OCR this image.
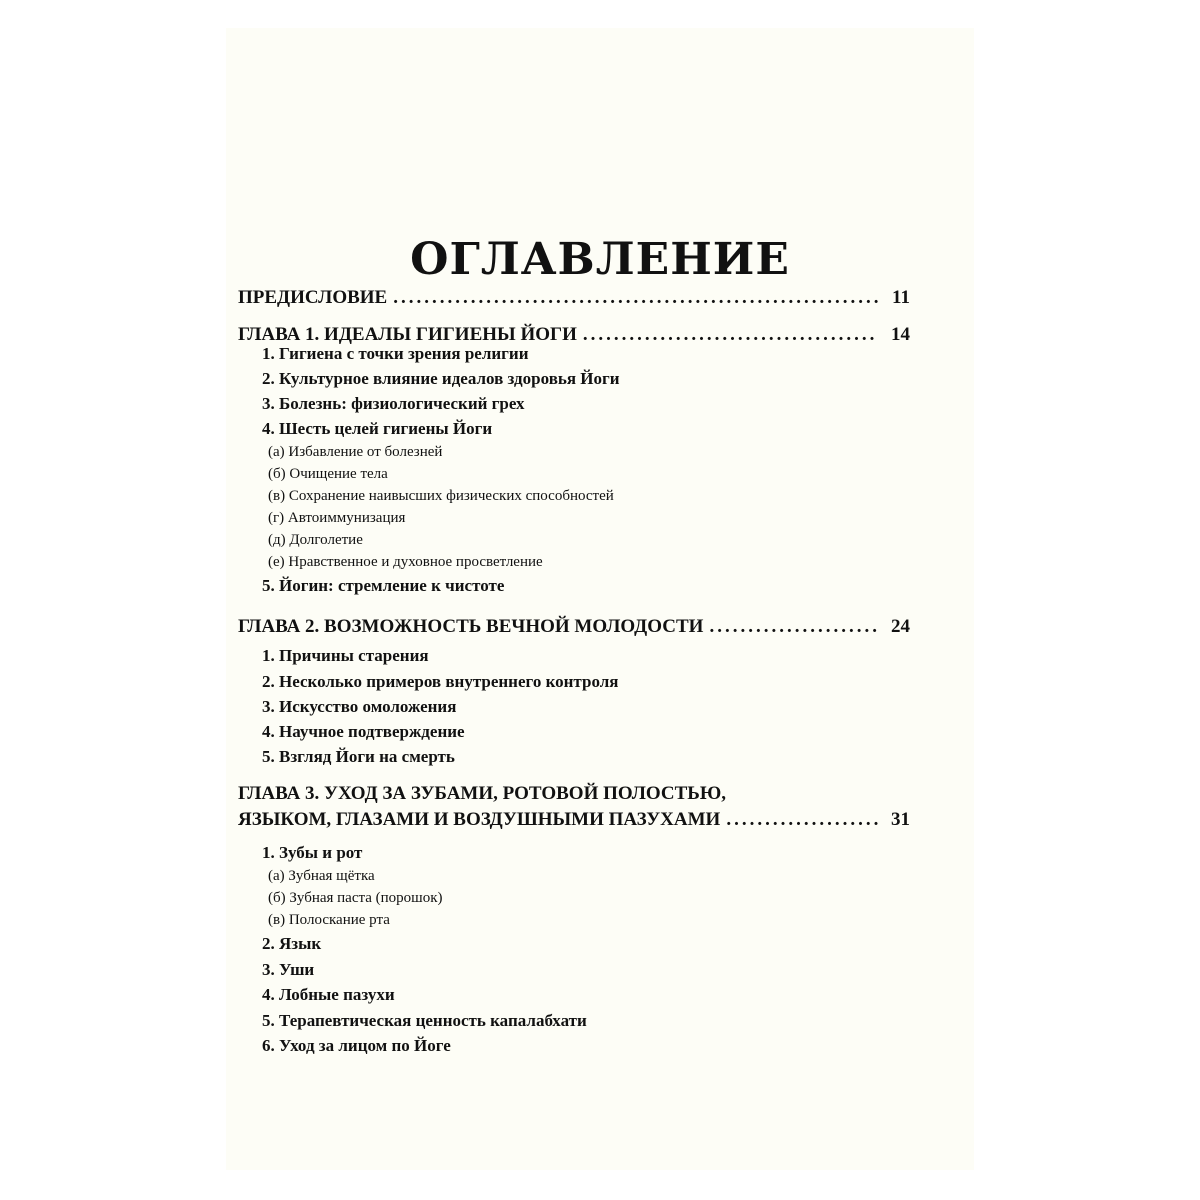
ОГЛАВЛЕНИЕ
ПРЕДИСЛОВИЕ .....	11
ГЛАВА 1. ИДЕАЛЫ ГИГИЕНЫ ЙОГИ .....	14
1. Гигиена с точки зрения религии
2. Культурное влияние идеалов здоровья Йоги
3. Болезнь: физиологический грех
4. Шесть целей гигиены Йоги
(а) Избавление от болезней
(б) Очищение тела
(в) Сохранение наивысших физических способностей
(г) Автоиммунизация
(д) Долголетие
(е) Нравственное и духовное просветление
5. Йогин: стремление к чистоте
ГЛАВА 2. ВОЗМОЖНОСТЬ ВЕЧНОЙ МОЛОДОСТИ .....	24
1. Причины старения
2. Несколько примеров внутреннего контроля
3. Искусство омоложения
4. Научное подтверждение
5. Взгляд Йоги на смерть
ГЛАВА 3. УХОД ЗА ЗУБАМИ, РОТОВОЙ ПОЛОСТЬЮ,
ЯЗЫКОМ, ГЛАЗАМИ И ВОЗДУШНЫМИ ПАЗУХАМИ .....	31
1. Зубы и рот
(а) Зубная щётка
(б) Зубная паста (порошок)
(в) Полоскание рта
2. Язык
3. Уши
4. Лобные пазухи
5. Терапевтическая ценность капалабхати
6. Уход за лицом по Йоге
